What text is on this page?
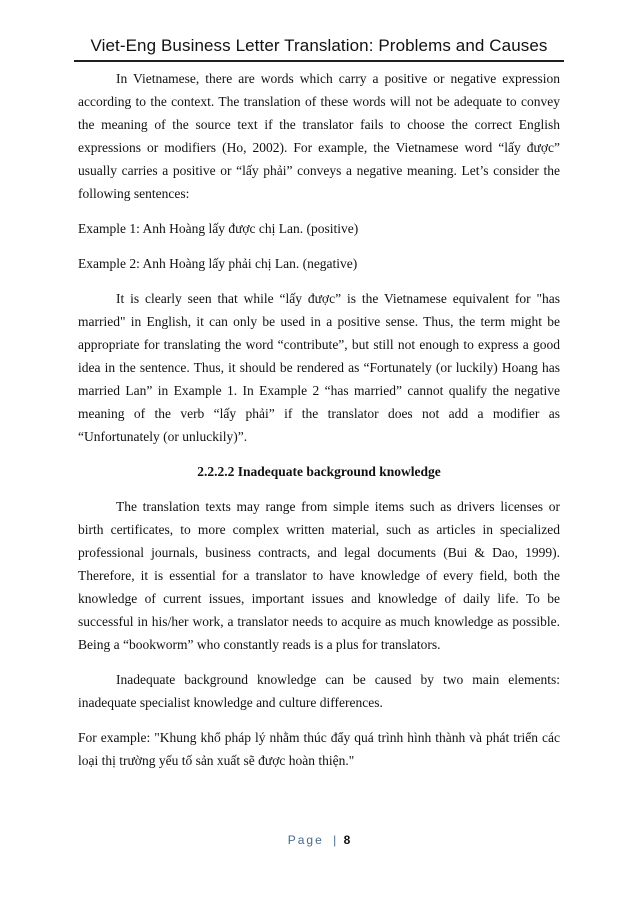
Viet-Eng Business Letter Translation: Problems and Causes

In Vietnamese, there are words which carry a positive or negative expression according to the context. The translation of these words will not be adequate to convey the meaning of the source text if the translator fails to choose the correct English expressions or modifiers (Ho, 2002). For example, the Vietnamese word “lấy được” usually carries a positive or “lấy phải” conveys a negative meaning. Let’s consider the following sentences:

Example 1: Anh Hoàng lấy được chị Lan. (positive)

Example 2: Anh Hoàng lấy phải chị Lan. (negative)

It is clearly seen that while “lấy được” is the Vietnamese equivalent for "has married" in English, it can only be used in a positive sense. Thus, the term might be appropriate for translating the word “contribute”, but still not enough to express a good idea in the sentence. Thus, it should be rendered as “Fortunately (or luckily) Hoang has married Lan” in Example 1. In Example 2 “has married” cannot qualify the negative meaning of the verb “lấy phải” if the translator does not add a modifier as “Unfortunately (or unluckily)”.

2.2.2.2 Inadequate background knowledge

The translation texts may range from simple items such as drivers licenses or birth certificates, to more complex written material, such as articles in specialized professional journals, business contracts, and legal documents (Bui & Dao, 1999). Therefore, it is essential for a translator to have knowledge of every field, both the knowledge of current issues, important issues and knowledge of daily life. To be successful in his/her work, a translator needs to acquire as much knowledge as possible. Being a “bookworm” who constantly reads is a plus for translators.

Inadequate background knowledge can be caused by two main elements: inadequate specialist knowledge and culture differences.

For example: "Khung khổ pháp lý nhằm thúc đẩy quá trình hình thành và phát triển các loại thị trường yếu tố sản xuất sẽ được hoàn thiện."

Page | 8
